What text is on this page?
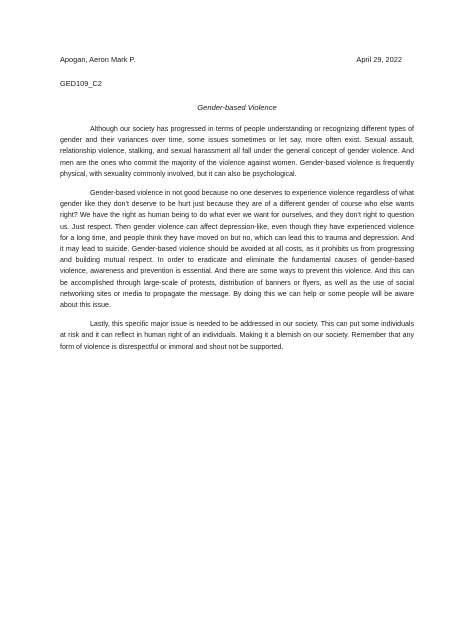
Apogan, Aeron Mark P.	April 29, 2022
GED109_C2
Gender-based Violence

Although our society has progressed in terms of people understanding or recognizing different types of gender and their variances over time, some issues sometimes or let say, more often exist. Sexual assault, relationship violence, stalking, and sexual harassment all fall under the general concept of gender violence. And men are the ones who commit the majority of the violence against women. Gender-based violence is frequently physical, with sexuality commonly involved, but it can also be psychological.

Gender-based violence in not good because no one deserves to experience violence regardless of what gender like they don’t deserve to be hurt just because they are of a different gender of course who else wants right? We have the right as human being to do what ever we want for ourselves, and they don’t right to question us. Just respect. Then gender violence can affect depression-like, even though they have experienced violence for a long time, and people think they have moved on but no, which can lead this to trauma and depression. And it may lead to suicide. Gender-based violence should be avoided at all costs, as it prohibits us from progressing and building mutual respect. In order to eradicate and eliminate the fundamental causes of gender-based violence, awareness and prevention is essential. And there are some ways to prevent this violence. And this can be accomplished through large-scale of protests, distribution of banners or flyers, as well as the use of social networking sites or media to propagate the message. By doing this we can help or some people will be aware about this issue.

Lastly, this specific major issue is needed to be addressed in our society. This can put some individuals at risk and it can reflect in human right of an individuals. Making it a blemish on our society. Remember that any form of violence is disrespectful or immoral and shout not be supported.
